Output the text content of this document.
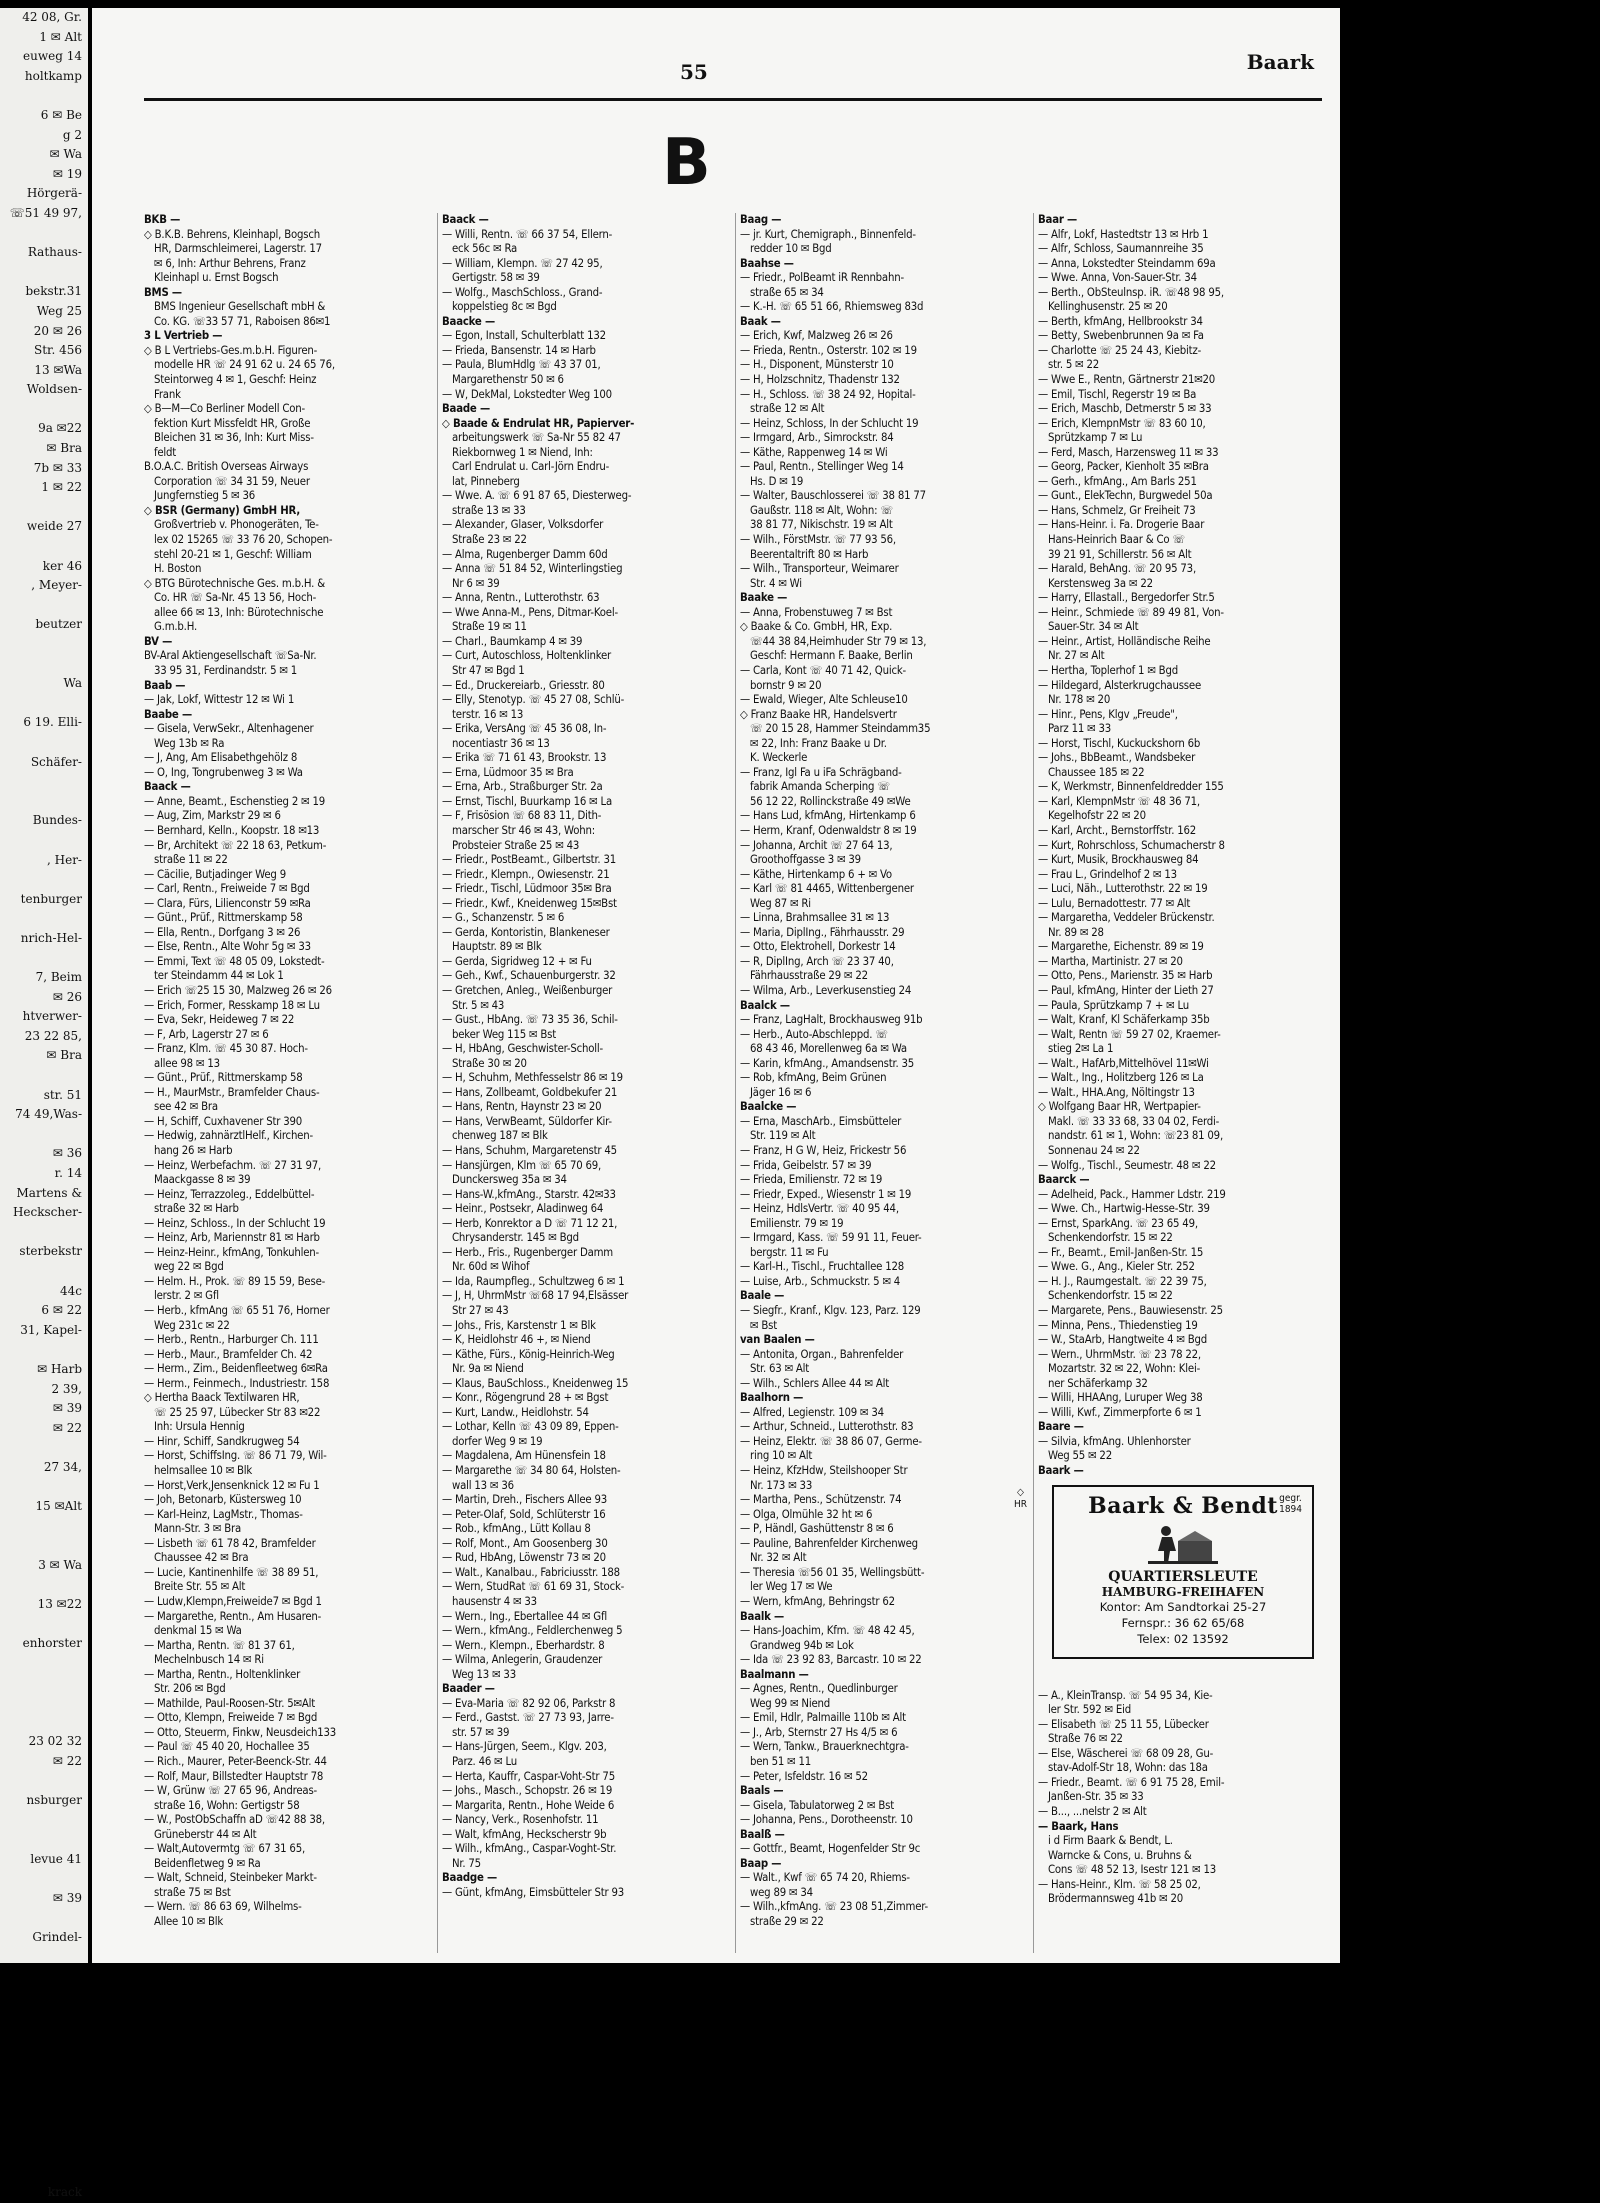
42 08, Gr.
1 ✉ Alt
euweg 14
holtkamp

6 ✉ Be
g 2
✉ Wa
✉ 19
Hörgerä-
☏51 49 97,

Rathaus-

bekstr.31
Weg 25
20 ✉ 26
Str. 456
13 ✉Wa
Woldsen-

9a ✉22
✉ Bra
7b ✉ 33
1 ✉ 22

weide 27

ker 46
, Meyer-

beutzer

Wa

6 19. Elli-

Schäfer-

Bundes-

, Her-

tenburger

nrich-Hel-

7, Beim
✉ 26
htverwer-
23 22 85,
✉ Bra

str. 51
74 49,Was-

✉ 36
r. 14
Martens &
Heckscher-

sterbekstr

44c
6 ✉ 22
31, Kapel-

✉ Harb
2 39,
✉ 39
✉ 22

27 34,

15 ✉Alt

3 ✉ Wa

13 ✉22

enhorster

23 02 32
✉ 22

nsburger

levue 41

✉ 39

Grindel-

krack
55	Baark
B
BKB —
◇ B.K.B. Behrens, Kleinhapl, Bogsch
HR, Darmschleimerei, Lagerstr. 17
✉ 6, Inh: Arthur Behrens, Franz
Kleinhapl u. Ernst Bogsch
BMS —
BMS Ingenieur Gesellschaft mbH &
Co. KG. ☏33 57 71, Raboisen 86✉1
3 L Vertrieb —
◇ B L Vertriebs-Ges.m.b.H. Figuren-
modelle HR ☏ 24 91 62 u. 24 65 76,
Steintorweg 4 ✉ 1, Geschf: Heinz
Frank
◇ B—M—Co Berliner Modell Con-
fektion Kurt Missfeldt HR, Große
Bleichen 31 ✉ 36, Inh: Kurt Miss-
feldt
B.O.A.C. British Overseas Airways
Corporation ☏ 34 31 59, Neuer
Jungfernstieg 5 ✉ 36
◇ BSR (Germany) GmbH HR,
Großvertrieb v. Phonogeräten, Te-
lex 02 15265 ☏ 33 76 20, Schopen-
stehl 20-21 ✉ 1, Geschf: William
H. Boston
◇ BTG Bürotechnische Ges. m.b.H. &
Co. HR ☏ Sa-Nr. 45 13 56, Hoch-
allee 66 ✉ 13, Inh: Bürotechnische
G.m.b.H.
BV —
BV-Aral Aktiengesellschaft ☏Sa-Nr.
33 95 31, Ferdinandstr. 5 ✉ 1
Baab —
— Jak, Lokf, Wittestr 12 ✉ Wi 1
Baabe —
— Gisela, VerwSekr., Altenhagener
Weg 13b ✉ Ra
— J, Ang, Am Elisabethgehölz 8
— O, Ing, Tongrubenweg 3 ✉ Wa
Baack —
— Anne, Beamt., Eschenstieg 2 ✉ 19
— Aug, Zim, Markstr 29 ✉ 6
— Bernhard, Kelln., Koopstr. 18 ✉13
— Br, Architekt ☏ 22 18 63, Petkum-
straße 11 ✉ 22
— Cäcilie, Butjadinger Weg 9
— Carl, Rentn., Freiweide 7 ✉ Bgd
— Clara, Fürs, Lilienconstr 59 ✉Ra
— Günt., Prüf., Rittmerskamp 58
— Ella, Rentn., Dorfgang 3 ✉ 26
— Else, Rentn., Alte Wohr 5g ✉ 33
— Emmi, Text ☏ 48 05 09, Lokstedt-
ter Steindamm 44 ✉ Lok 1
— Erich ☏25 15 30, Malzweg 26 ✉ 26
— Erich, Former, Resskamp 18 ✉ Lu
— Eva, Sekr, Heideweg 7 ✉ 22
— F, Arb, Lagerstr 27 ✉ 6
— Franz, Klm. ☏ 45 30 87. Hoch-
allee 98 ✉ 13
— Günt., Prüf., Rittmerskamp 58
— H., MaurMstr., Bramfelder Chaus-
see 42 ✉ Bra
— H, Schiff, Cuxhavener Str 390
— Hedwig, zahnärztlHelf., Kirchen-
hang 26 ✉ Harb
— Heinz, Werbefachm. ☏ 27 31 97,
Maackgasse 8 ✉ 39
— Heinz, Terrazzoleg., Eddelbüttel-
straße 32 ✉ Harb
— Heinz, Schloss., In der Schlucht 19
— Heinz, Arb, Mariennstr 81 ✉ Harb
— Heinz-Heinr., kfmAng, Tonkuhlen-
weg 22 ✉ Bgd
— Helm. H., Prok. ☏ 89 15 59, Bese-
lerstr. 2 ✉ Gfl
— Herb., kfmAng ☏ 65 51 76, Horner
Weg 231c ✉ 22
— Herb., Rentn., Harburger Ch. 111
— Herb., Maur., Bramfelder Ch. 42
— Herm., Zim., Beidenfleetweg 6✉Ra
— Herm., Feinmech., Industriestr. 158
◇ Hertha Baack Textilwaren HR,
☏ 25 25 97, Lübecker Str 83 ✉22
Inh: Ursula Hennig
— Hinr, Schiff, Sandkrugweg 54
— Horst, SchiffsIng. ☏ 86 71 79, Wil-
helmsallee 10 ✉ Blk
— Horst,Verk,Jensenknick 12 ✉ Fu 1
— Joh, Betonarb, Küstersweg 10
— Karl-Heinz, LagMstr., Thomas-
Mann-Str. 3 ✉ Bra
— Lisbeth ☏ 61 78 42, Bramfelder
Chaussee 42 ✉ Bra
— Lucie, Kantinenhilfe ☏ 38 89 51,
Breite Str. 55 ✉ Alt
— Ludw,Klempn,Freiweide7 ✉ Bgd 1
— Margarethe, Rentn., Am Husaren-
denkmal 15 ✉ Wa
— Martha, Rentn. ☏ 81 37 61,
Mechelnbusch 14 ✉ Ri
— Martha, Rentn., Holtenklinker
Str. 206 ✉ Bgd
— Mathilde, Paul-Roosen-Str. 5✉Alt
— Otto, Klempn, Freiweide 7 ✉ Bgd
— Otto, Steuerm, Finkw, Neusdeich133
— Paul ☏ 45 40 20, Hochallee 35
— Rich., Maurer, Peter-Beenck-Str. 44
— Rolf, Maur, Billstedter Hauptstr 78
— W, Grünw ☏ 27 65 96, Andreas-
straße 16, Wohn: Gertigstr 58
— W., PostObSchaffn aD ☏42 88 38,
Grüneberstr 44 ✉ Alt
— Walt,Autovermtg ☏ 67 31 65,
Beidenfletweg 9 ✉ Ra
— Walt, Schneid, Steinbeker Markt-
straße 75 ✉ Bst
— Wern. ☏ 86 63 69, Wilhelms-
Allee 10 ✉ Blk
Baack —
— Willi, Rentn. ☏ 66 37 54, Ellern-
eck 56c ✉ Ra
— William, Klempn. ☏ 27 42 95,
Gertigstr. 58 ✉ 39
— Wolfg., MaschSchloss., Grand-
koppelstieg 8c ✉ Bgd
Baacke —
— Egon, Install, Schulterblatt 132
— Frieda, Bansenstr. 14 ✉ Harb
— Paula, BlumHdlg ☏ 43 37 01,
Margarethenstr 50 ✉ 6
— W, DekMal, Lokstedter Weg 100
Baade —
◇ Baade & Endrulat HR, Papierver-
arbeitungswerk ☏ Sa-Nr 55 82 47
Riekbornweg 1 ✉ Niend, Inh:
Carl Endrulat u. Carl-Jörn Endru-
lat, Pinneberg
— Wwe. A. ☏ 6 91 87 65, Diesterweg-
straße 13 ✉ 33
— Alexander, Glaser, Volksdorfer
Straße 23 ✉ 22
— Alma, Rugenberger Damm 60d
— Anna ☏ 51 84 52, Winterlingstieg
Nr 6 ✉ 39
— Anna, Rentn., Lutterothstr. 63
— Wwe Anna-M., Pens, Ditmar-Koel-
Straße 19 ✉ 11
— Charl., Baumkamp 4 ✉ 39
— Curt, Autoschloss, Holtenklinker
Str 47 ✉ Bgd 1
— Ed., Druckereiarb., Griesstr. 80
— Elly, Stenotyp. ☏ 45 27 08, Schlü-
terstr. 16 ✉ 13
— Erika, VersAng ☏ 45 36 08, In-
nocentiastr 36 ✉ 13
— Erika ☏ 71 61 43, Brookstr. 13
— Erna, Lüdmoor 35 ✉ Bra
— Erna, Arb., Straßburger Str. 2a
— Ernst, Tischl, Buurkamp 16 ✉ La
— F, Frisösion ☏ 68 83 11, Dith-
marscher Str 46 ✉ 43, Wohn:
Probsteier Straße 25 ✉ 43
— Friedr., PostBeamt., Gilbertstr. 31
— Friedr., Klempn., Owiesenstr. 21
— Friedr., Tischl, Lüdmoor 35✉ Bra
— Friedr., Kwf., Kneidenweg 15✉Bst
— G., Schanzenstr. 5 ✉ 6
— Gerda, Kontoristin, Blankeneser
Hauptstr. 89 ✉ Blk
— Gerda, Sigridweg 12 + ✉ Fu
— Geh., Kwf., Schauenburgerstr. 32
— Gretchen, Anleg., Weißenburger
Str. 5 ✉ 43
— Gust., HbAng. ☏ 73 35 36, Schil-
beker Weg 115 ✉ Bst
— H, HbAng, Geschwister-Scholl-
Straße 30 ✉ 20
— H, Schuhm, Methfesselstr 86 ✉ 19
— Hans, Zollbeamt, Goldbekufer 21
— Hans, Rentn, Haynstr 23 ✉ 20
— Hans, VerwBeamt, Süldorfer Kir-
chenweg 187 ✉ Blk
— Hans, Schuhm, Margaretenstr 45
— Hansjürgen, Klm ☏ 65 70 69,
Dunckersweg 35a ✉ 34
— Hans-W.,kfmAng., Starstr. 42✉33
— Heinr., Postsekr, Aladinweg 64
— Herb, Konrektor a D ☏ 71 12 21,
Chrysanderstr. 145 ✉ Bgd
— Herb., Fris., Rugenberger Damm
Nr. 60d ✉ Wihof
— Ida, Raumpfleg., Schultzweg 6 ✉ 1
— J, H, UhrmMstr ☏68 17 94,Elsässer
Str 27 ✉ 43
— Johs., Fris, Karstenstr 1 ✉ Blk
— K, Heidlohstr 46 +, ✉ Niend
— Käthe, Fürs., König-Heinrich-Weg
Nr. 9a ✉ Niend
— Klaus, BauSchloss., Kneidenweg 15
— Konr., Rögengrund 28 + ✉ Bgst
— Kurt, Landw., Heidlohstr. 54
— Lothar, Kelln ☏ 43 09 89, Eppen-
dorfer Weg 9 ✉ 19
— Magdalena, Am Hünensfein 18
— Margarethe ☏ 34 80 64, Holsten-
wall 13 ✉ 36
— Martin, Dreh., Fischers Allee 93
— Peter-Olaf, Sold, Schlüterstr 16
— Rob., kfmAng., Lütt Kollau 8
— Rolf, Mont., Am Goosenberg 30
— Rud, HbAng, Löwenstr 73 ✉ 20
— Walt., Kanalbau., Fabriciusstr. 188
— Wern, StudRat ☏ 61 69 31, Stock-
hausenstr 4 ✉ 33
— Wern., Ing., Ebertallee 44 ✉ Gfl
— Wern., kfmAng., Feldlerchenweg 5
— Wern., Klempn., Eberhardstr. 8
— Wilma, Anlegerin, Graudenzer
Weg 13 ✉ 33
Baader —
— Eva-Maria ☏ 82 92 06, Parkstr 8
— Ferd., Gastst. ☏ 27 73 93, Jarre-
str. 57 ✉ 39
— Hans-Jürgen, Seem., Klgv. 203,
Parz. 46 ✉ Lu
— Herta, Kauffr, Caspar-Voht-Str 75
— Johs., Masch., Schopstr. 26 ✉ 19
— Margarita, Rentn., Hohe Weide 6
— Nancy, Verk., Rosenhofstr. 11
— Walt, kfmAng, Heckscherstr 9b
— Wilh., kfmAng., Caspar-Voght-Str.
Nr. 75
Baadge —
— Günt, kfmAng, Eimsbütteler Str 93
Baag —
— jr. Kurt, Chemigraph., Binnenfeld-
redder 10 ✉ Bgd
Baahse —
— Friedr., PolBeamt iR Rennbahn-
straße 65 ✉ 34
— K.-H. ☏ 65 51 66, Rhiemsweg 83d
Baak —
— Erich, Kwf, Malzweg 26 ✉ 26
— Frieda, Rentn., Osterstr. 102 ✉ 19
— H., Disponent, Münsterstr 10
— H, Holzschnitz, Thadenstr 132
— H., Schloss. ☏ 38 24 92, Hopital-
straße 12 ✉ Alt
— Heinz, Schloss, In der Schlucht 19
— Irmgard, Arb., Simrockstr. 84
— Käthe, Rappenweg 14 ✉ Wi
— Paul, Rentn., Stellinger Weg 14
Hs. D ✉ 19
— Walter, Bauschlosserei ☏ 38 81 77
Gaußstr. 118 ✉ Alt, Wohn: ☏
38 81 77, Nikischstr. 19 ✉ Alt
— Wilh., FörstMstr. ☏ 77 93 56,
Beerentaltrift 80 ✉ Harb
— Wilh., Transporteur, Weimarer
Str. 4 ✉ Wi
Baake —
— Anna, Frobenstuweg 7 ✉ Bst
◇ Baake & Co. GmbH, HR, Exp.
☏44 38 84,Heimhuder Str 79 ✉ 13,
Geschf: Hermann F. Baake, Berlin
— Carla, Kont ☏ 40 71 42, Quick-
bornstr 9 ✉ 20
— Ewald, Wieger, Alte Schleuse10
◇ Franz Baake HR, Handelsvertr
☏ 20 15 28, Hammer Steindamm35
✉ 22, Inh: Franz Baake u Dr.
K. Weckerle
— Franz, Igl Fa u iFa Schrägband-
fabrik Amanda Scherping ☏
56 12 22, Rollinckstraße 49 ✉We
— Hans Lud, kfmAng, Hirtenkamp 6
— Herm, Kranf, Odenwaldstr 8 ✉ 19
— Johanna, Archit ☏ 27 64 13,
Groothoffgasse 3 ✉ 39
— Käthe, Hirtenkamp 6 + ✉ Vo
— Karl ☏ 81 4465, Wittenbergener
Weg 87 ✉ Ri
— Linna, Brahmsallee 31 ✉ 13
— Maria, DiplIng., Fährhausstr. 29
— Otto, Elektrohell, Dorkestr 14
— R, DiplIng, Arch ☏ 23 37 40,
Fährhausstraße 29 ✉ 22
— Wilma, Arb., Leverkusenstieg 24
Baalck —
— Franz, LagHalt, Brockhausweg 91b
— Herb., Auto-Abschleppd. ☏
68 43 46, Morellenweg 6a ✉ Wa
— Karin, kfmAng., Amandsenstr. 35
— Rob, kfmAng, Beim Grünen
Jäger 16 ✉ 6
Baalcke —
— Erna, MaschArb., Eimsbütteler
Str. 119 ✉ Alt
— Franz, H G W, Heiz, Frickestr 56
— Frida, Geibelstr. 57 ✉ 39
— Frieda, Emilienstr. 72 ✉ 19
— Friedr, Exped., Wiesenstr 1 ✉ 19
— Heinz, HdlsVertr. ☏ 40 95 44,
Emilienstr. 79 ✉ 19
— Irmgard, Kass. ☏ 59 91 11, Feuer-
bergstr. 11 ✉ Fu
— Karl-H., Tischl., Fruchtallee 128
— Luise, Arb., Schmuckstr. 5 ✉ 4
Baale —
— Siegfr., Kranf., Klgv. 123, Parz. 129
✉ Bst
van Baalen —
— Antonita, Organ., Bahrenfelder
Str. 63 ✉ Alt
— Wilh., Schlers Allee 44 ✉ Alt
Baalhorn —
— Alfred, Legienstr. 109 ✉ 34
— Arthur, Schneid., Lutterothstr. 83
— Heinz, Elektr. ☏ 38 86 07, Germe-
ring 10 ✉ Alt
— Heinz, KfzHdw, Steilshooper Str
Nr. 173 ✉ 33
— Martha, Pens., Schützenstr. 74
— Olga, Olmühle 32 ht ✉ 6
— P, Händl, Gashüttenstr 8 ✉ 6
— Pauline, Bahrenfelder Kirchenweg
Nr. 32 ✉ Alt
— Theresia ☏56 01 35, Wellingsbütt-
ler Weg 17 ✉ We
— Wern, kfmAng, Behringstr 62
Baalk —
— Hans-Joachim, Kfm. ☏ 48 42 45,
Grandweg 94b ✉ Lok
— Ida ☏ 23 92 83, Barcastr. 10 ✉ 22
Baalmann —
— Agnes, Rentn., Quedlinburger
Weg 99 ✉ Niend
— Emil, Hdlr, Palmaille 110b ✉ Alt
— J., Arb, Sternstr 27 Hs 4/5 ✉ 6
— Wern, Tankw., Brauerknechtgra-
ben 51 ✉ 11
— Peter, Isfeldstr. 16 ✉ 52
Baals —
— Gisela, Tabulatorweg 2 ✉ Bst
— Johanna, Pens., Dorotheenstr. 10
Baalß —
— Gottfr., Beamt, Hogenfelder Str 9c
Baap —
— Walt., Kwf ☏ 65 74 20, Rhiems-
weg 89 ✉ 34
— Wilh.,kfmAng. ☏ 23 08 51,Zimmer-
straße 29 ✉ 22
Baar —
— Alfr, Lokf, Hastedtstr 13 ✉ Hrb 1
— Alfr, Schloss, Saumannreihe 35
— Anna, Lokstedter Steindamm 69a
— Wwe. Anna, Von-Sauer-Str. 34
— Berth., ObSteulnsp. iR. ☏48 98 95,
Kellinghusenstr. 25 ✉ 20
— Berth, kfmAng, Hellbrookstr 34
— Betty, Swebenbrunnen 9a ✉ Fa
— Charlotte ☏ 25 24 43, Kiebitz-
str. 5 ✉ 22
— Wwe E., Rentn, Gärtnerstr 21✉20
— Emil, Tischl, Regerstr 19 ✉ Ba
— Erich, Maschb, Detmerstr 5 ✉ 33
— Erich, KlempnMstr ☏ 83 60 10,
Sprützkamp 7 ✉ Lu
— Ferd, Masch, Harzensweg 11 ✉ 33
— Georg, Packer, Kienholt 35 ✉Bra
— Gerh., kfmAng., Am Barls 251
— Gunt., ElekTechn, Burgwedel 50a
— Hans, Schmelz, Gr Freiheit 73
— Hans-Heinr. i. Fa. Drogerie Baar
Hans-Heinrich Baar & Co ☏
39 21 91, Schillerstr. 56 ✉ Alt
— Harald, BehAng. ☏ 20 95 73,
Kerstensweg 3a ✉ 22
— Harry, Ellastall., Bergedorfer Str.5
— Heinr., Schmiede ☏ 89 49 81, Von-
Sauer-Str. 34 ✉ Alt
— Heinr., Artist, Holländische Reihe
Nr. 27 ✉ Alt
— Hertha, Toplerhof 1 ✉ Bgd
— Hildegard, Alsterkrugchaussee
Nr. 178 ✉ 20
— Hinr., Pens, Klgv „Freude",
Parz 11 ✉ 33
— Horst, Tischl, Kuckuckshorn 6b
— Johs., BbBeamt., Wandsbeker
Chaussee 185 ✉ 22
— K, Werkmstr, Binnenfeldredder 155
— Karl, KlempnMstr ☏ 48 36 71,
Kegelhofstr 22 ✉ 20
— Karl, Archt., Bernstorffstr. 162
— Kurt, Rohrschloss, Schumacherstr 8
— Kurt, Musik, Brockhausweg 84
— Frau L., Grindelhof 2 ✉ 13
— Luci, Näh., Lutterothstr. 22 ✉ 19
— Lulu, Bernadottestr. 77 ✉ Alt
— Margaretha, Veddeler Brückenstr.
Nr. 89 ✉ 28
— Margarethe, Eichenstr. 89 ✉ 19
— Martha, Martinistr. 27 ✉ 20
— Otto, Pens., Marienstr. 35 ✉ Harb
— Paul, kfmAng, Hinter der Lieth 27
— Paula, Sprützkamp 7 + ✉ Lu
— Walt, Kranf, Kl Schäferkamp 35b
— Walt, Rentn ☏ 59 27 02, Kraemer-
stieg 2✉ La 1
— Walt., HafArb,Mittelhövel 11✉Wi
— Walt., Ing., Holitzberg 126 ✉ La
— Walt., HHA.Ang, Nöltingstr 13
◇ Wolfgang Baar HR, Wertpapier-
Makl. ☏ 33 33 68, 33 04 02, Ferdi-
nandstr. 61 ✉ 1, Wohn: ☏23 81 09,
Sonnenau 24 ✉ 22
— Wolfg., Tischl., Seumestr. 48 ✉ 22
Baarck —
— Adelheid, Pack., Hammer Ldstr. 219
— Wwe. Ch., Hartwig-Hesse-Str. 39
— Ernst, SparkAng. ☏ 23 65 49,
Schenkendorfstr. 15 ✉ 22
— Fr., Beamt., Emil-Janßen-Str. 15
— Wwe. G., Ang., Kieler Str. 252
— H. J., Raumgestalt. ☏ 22 39 75,
Schenkendorfstr. 15 ✉ 22
— Margarete, Pens., Bauwiesenstr. 25
— Minna, Pens., Thiedenstieg 19
— W., StaArb, Hangtweite 4 ✉ Bgd
— Wern., UhrmMstr. ☏ 23 78 22,
Mozartstr. 32 ✉ 22, Wohn: Klei-
ner Schäferkamp 32
— Willi, HHAAng, Luruper Weg 38
— Willi, Kwf., Zimmerpforte 6 ✉ 1
Baare —
— Silvia, kfmAng. Uhlenhorster
Weg 55 ✉ 22
Baark —
◇
HR
gegr.
1894
Baark & Bendt
QUARTIERSLEUTE
HAMBURG-FREIHAFEN
Kontor: Am Sandtorkai 25-27
Fernspr.: 36 62 65/68
Telex: 02 13592
— A., KleinTransp. ☏ 54 95 34, Kie-
ler Str. 592 ✉ Eid
— Elisabeth ☏ 25 11 55, Lübecker
Straße 76 ✉ 22
— Else, Wäscherei ☏ 68 09 28, Gu-
stav-Adolf-Str 18, Wohn: das 18a
— Friedr., Beamt. ☏ 6 91 75 28, Emil-
Janßen-Str. 35 ✉ 33
— B..., ...nelstr 2 ✉ Alt
— Baark, Hans
i d Firm Baark & Bendt, L.
Warncke & Cons, u. Bruhns &
Cons ☏ 48 52 13, Isestr 121 ✉ 13
— Hans-Heinr., Klm. ☏ 58 25 02,
Brödermannsweg 41b ✉ 20
